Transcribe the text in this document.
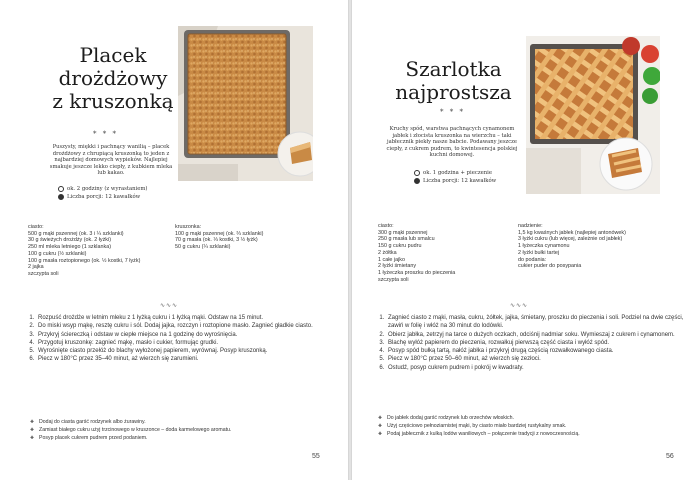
Placek
drożdżowy
z kruszonką
* * *
Puszysty, miękki i pachnący wanilią – placek drożdżowy z chrupiącą kruszonką to jeden z najbardziej domowych wypieków. Najlepiej smakuje jeszcze lekko ciepły, z kubkiem mleka lub kakao.
ok. 2 godziny (z wyrastaniem)
Liczba porcji: 12 kawałków
ciasto:
500 g mąki pszennej (ok. 3 i ¼ szklanki)
30 g świeżych drożdży (ok. 2 łyżki)
250 ml mleka letniego (1 szklanka)
100 g cukru (½ szklanki)
100 g masła roztopionego (ok. ½ kostki, 7 łyżk)
2 jajka
szczypta soli
kruszonka:
100 g mąki pszennej (ok. ⅔ szklanki)
70 g masła (ok. ⅓ kostki, 3 ½ łyżk)
50 g cukru (¼ szklanki)
∿∿∿
1. Rozpuść drożdże w letnim mleku z 1 łyżką cukru i 1 łyżką mąki. Odstaw na 15 minut.
2. Do miski wsyp mąkę, resztę cukru i sól. Dodaj jajka, rozczyn i roztopione masło. Zagnieć gładkie ciasto.
3. Przykryj ściereczką i odstaw w ciepłe miejsce na 1 godzinę do wyrośnięcia.
4. Przygotuj kruszonkę: zagnieć mąkę, masło i cukier, formując grudki.
5. Wyrośnięte ciasto przełóż do blachy wyłożonej papierem, wyrównaj. Posyp kruszonką.
6. Piecz w 180°C przez 35–40 minut, aż wierzch się zarumieni.
❖ Dodaj do ciasta garść rodzynek albo żurawiny.
❖ Zamiast białego cukru użyj trzcinowego w kruszonce – doda karmelowego aromatu.
❖ Posyp placek cukrem pudrem przed podaniem.
55
Szarlotka
najprostsza
* * *
Kruchy spód, warstwa pachnących cynamonem jabłek i złocista kruszonka na wierzchu – taki jabłecznik piekły nasze babcie. Podawany jeszcze ciepły, z cukrem pudrem, to kwintesencja polskiej kuchni domowej.
ok. 1 godzina + pieczenie
Liczba porcji: 12 kawałków
ciasto:
300 g mąki pszennej
250 g masła lub smalcu
150 g cukru pudru
2 żółtka
1 całe jajko
2 łyżki śmietany
1 łyżeczka proszku do pieczenia
szczypta soli
nadzienie:
1,5 kg kwaśnych jabłek (najlepiej antonówek)
3 łyżki cukru (lub więcej, zależnie od jabłek)
1 łyżeczka cynamonu
2 łyżki bułki tartej
do podania:
cukier puder do posypania
∿∿∿
1. Zagnieć ciasto z mąki, masła, cukru, żółtek, jajka, śmietany, proszku do pieczenia i soli. Podziel na dwie części, zawiń w folię i włóż na 30 minut do lodówki.
2. Obierz jabłka, zetrzyj na tarce o dużych oczkach, odciśnij nadmiar soku. Wymieszaj z cukrem i cynamonem.
3. Blachę wyłóż papierem do pieczenia, rozwałkuj pierwszą część ciasta i wyłóż spód.
4. Posyp spód bułką tartą, nałóż jabłka i przykryj drugą częścią rozwałkowanego ciasta.
5. Piecz w 180°C przez 50–60 minut, aż wierzch się zezłoci.
6. Ostudź, posyp cukrem pudrem i pokrój w kwadraty.
❖ Do jabłek dodaj garść rodzynek lub orzechów włoskich.
❖ Użyj częściowo pełnoziarnistej mąki, by ciasto miało bardziej rustykalny smak.
❖ Podaj jabłecznik z kulką lodów waniliowych – połączenie tradycji z nowoczesnością.
56
